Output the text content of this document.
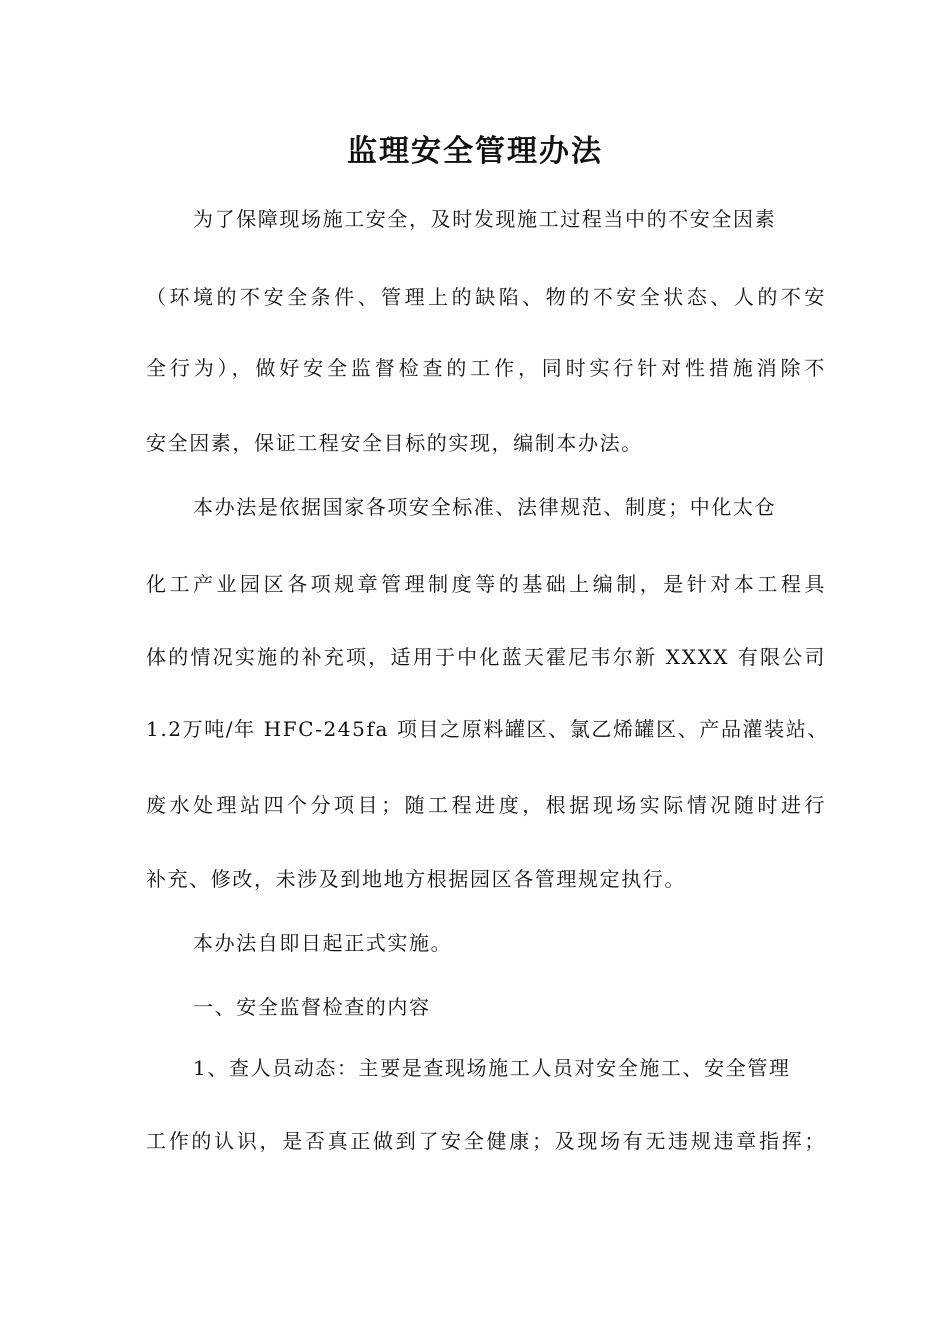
监理安全管理办法

为了保障现场施工安全，及时发现施工过程当中的不安全因素

（环境的不安全条件、管理上的缺陷、物的不安全状态、人的不安

全行为），做好安全监督检查的工作，同时实行针对性措施消除不

安全因素，保证工程安全目标的实现，编制本办法。

本办法是依据国家各项安全标准、法律规范、制度；中化太仓

化工产业园区各项规章管理制度等的基础上编制，是针对本工程具

体的情况实施的补充项，适用于中化蓝天霍尼韦尔新 XXXX 有限公司

1.2万吨/年 HFC-245fa 项目之原料罐区、氯乙烯罐区、产品灌装站、

废水处理站四个分项目；随工程进度，根据现场实际情况随时进行

补充、修改，未涉及到地地方根据园区各管理规定执行。

本办法自即日起正式实施。

一、安全监督检查的内容

1、查人员动态：主要是查现场施工人员对安全施工、安全管理

工作的认识，是否真正做到了安全健康；及现场有无违规违章指挥；
